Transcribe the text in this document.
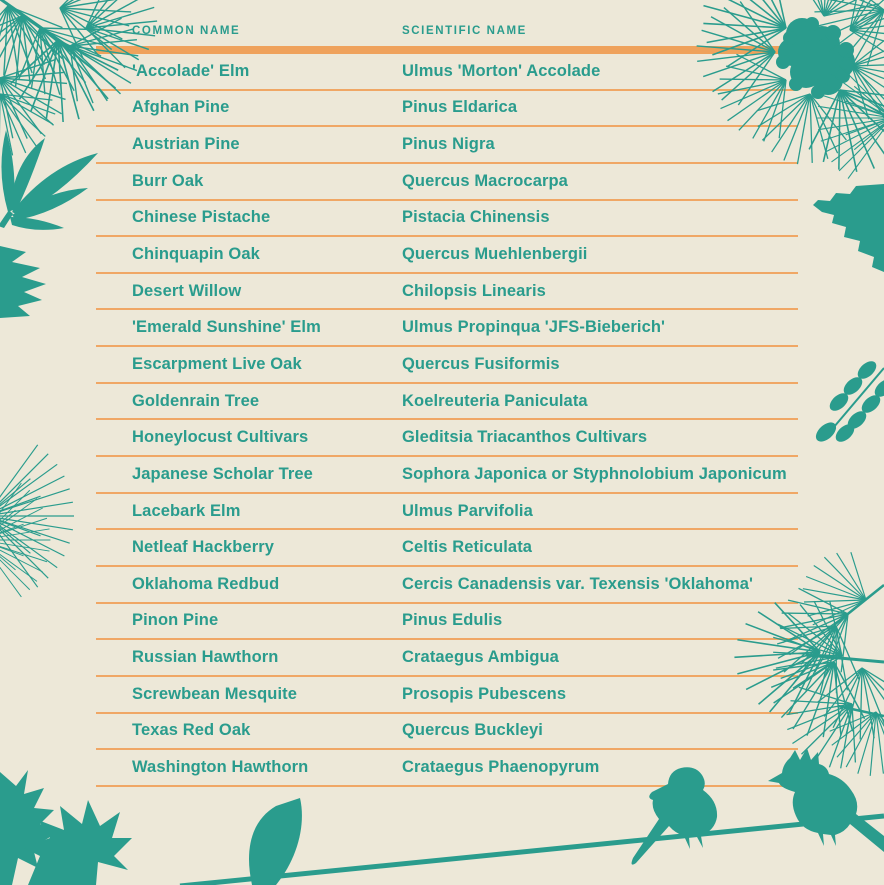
COMMON NAME	SCIENTIFIC NAME
'Accolade' Elm	Ulmus 'Morton' Accolade
Afghan Pine	Pinus Eldarica
Austrian Pine	Pinus Nigra
Burr Oak	Quercus Macrocarpa
Chinese Pistache	Pistacia Chinensis
Chinquapin Oak	Quercus Muehlenbergii
Desert Willow	Chilopsis Linearis
'Emerald Sunshine' Elm	Ulmus Propinqua 'JFS-Bieberich'
Escarpment Live Oak	Quercus Fusiformis
Goldenrain Tree	Koelreuteria Paniculata
Honeylocust Cultivars	Gleditsia Triacanthos Cultivars
Japanese Scholar Tree	Sophora Japonica or Styphnolobium Japonicum
Lacebark Elm	Ulmus Parvifolia
Netleaf Hackberry	Celtis Reticulata
Oklahoma Redbud	Cercis Canadensis var. Texensis 'Oklahoma'
Pinon Pine	Pinus Edulis
Russian Hawthorn	Crataegus Ambigua
Screwbean Mesquite	Prosopis Pubescens
Texas Red Oak	Quercus Buckleyi
Washington Hawthorn	Crataegus Phaenopyrum
